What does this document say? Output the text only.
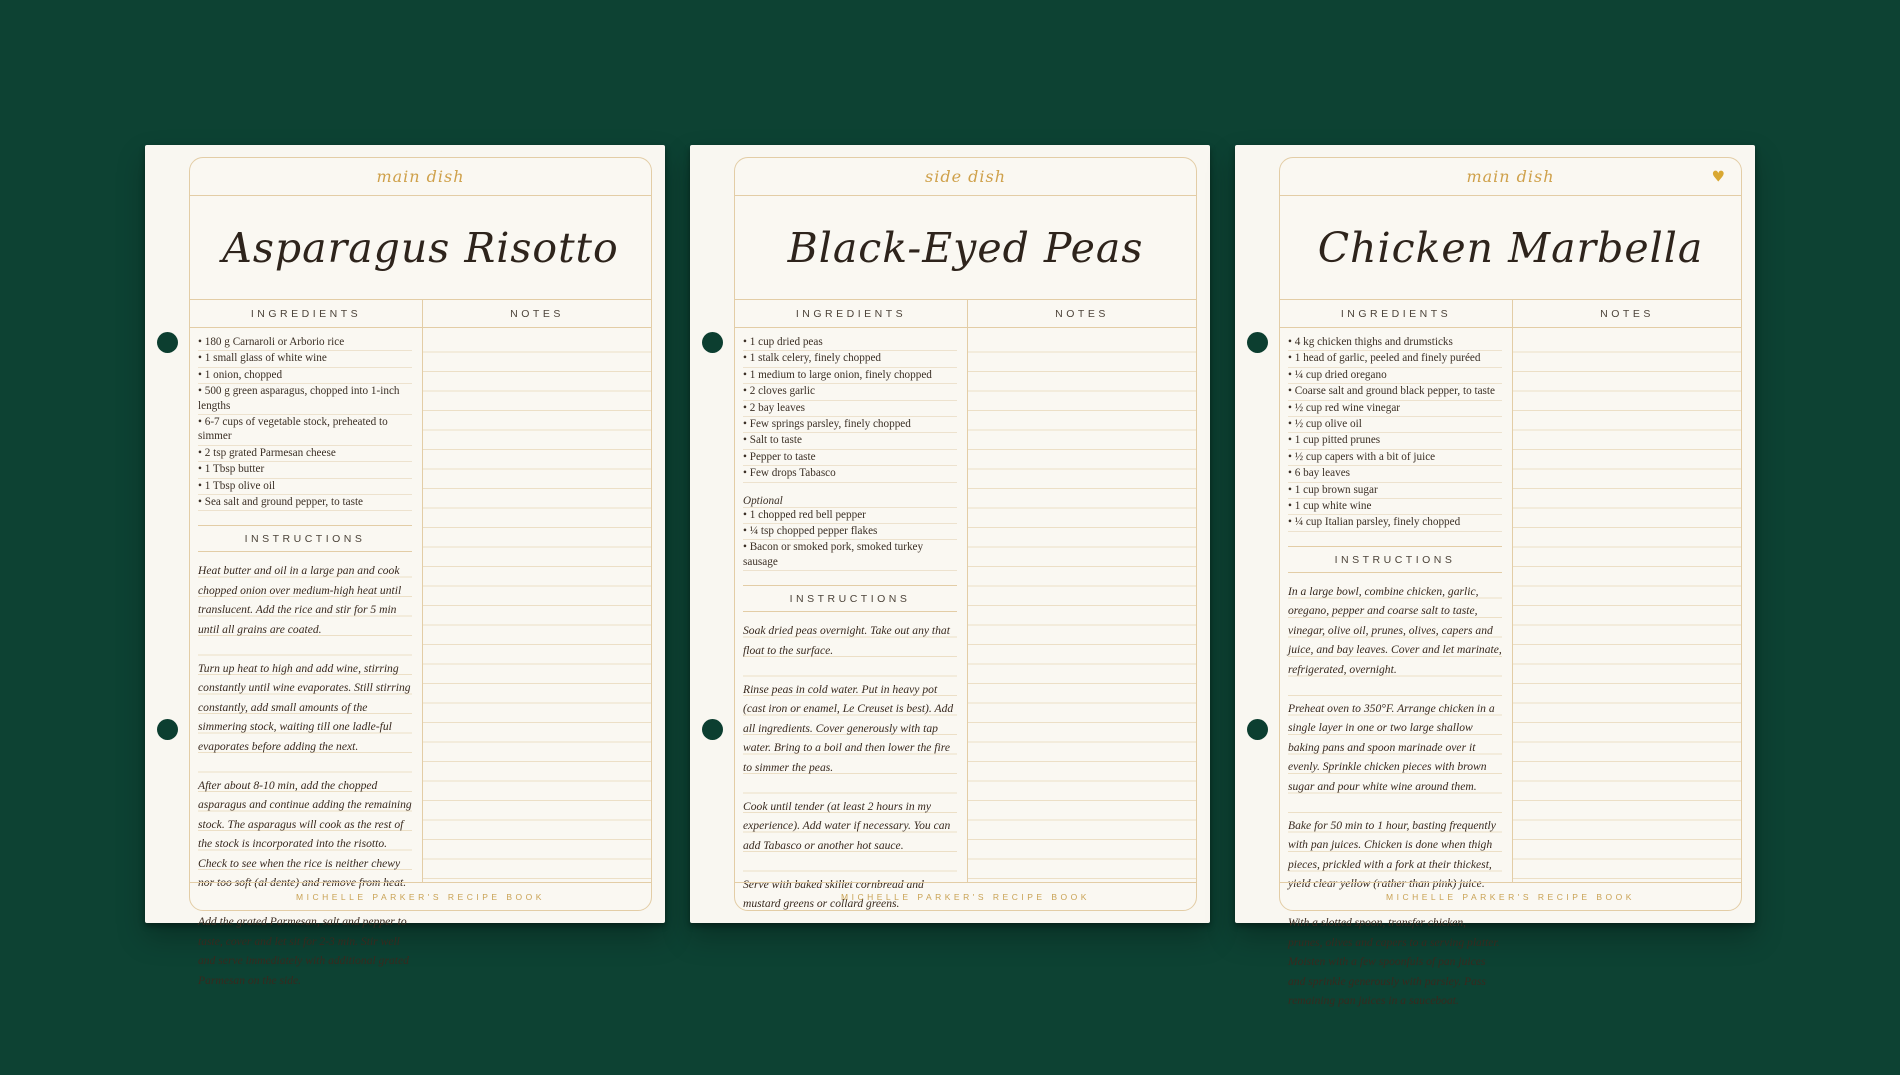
main dish
Asparagus Risotto
INGREDIENTS	NOTES
• 180 g Carnaroli or Arborio rice
• 1 small glass of white wine
• 1 onion, chopped
• 500 g green asparagus, chopped into 1-inch lengths
• 6-7 cups of vegetable stock, preheated to simmer
• 2 tsp grated Parmesan cheese
• 1 Tbsp butter
• 1 Tbsp olive oil
• Sea salt and ground pepper, to taste
INSTRUCTIONS

Heat butter and oil in a large pan and cook chopped onion over medium-high heat until translucent. Add the rice and stir for 5 min until all grains are coated.

Turn up heat to high and add wine, stirring constantly until wine evaporates. Still stirring constantly, add small amounts of the simmering stock, waiting till one ladle-ful evaporates before adding the next.

After about 8-10 min, add the chopped asparagus and continue adding the remaining stock. The asparagus will cook as the rest of the stock is incorporated into the risotto. Check to see when the rice is neither chewy nor too soft (al dente) and remove from heat.

Add the grated Parmesan, salt and pepper to taste, cover and let sit for 2-3 min. Stir well and serve immediately with additional grated Parmesan on the side.

MICHELLE PARKER'S RECIPE BOOK
side dish
Black-Eyed Peas
INGREDIENTS	NOTES
• 1 cup dried peas
• 1 stalk celery, finely chopped
• 1 medium to large onion, finely chopped
• 2 cloves garlic
• 2 bay leaves
• Few springs parsley, finely chopped
• Salt to taste
• Pepper to taste
• Few drops Tabasco
Optional
• 1 chopped red bell pepper
• ¼ tsp chopped pepper flakes
• Bacon or smoked pork, smoked turkey sausage
INSTRUCTIONS

Soak dried peas overnight. Take out any that float to the surface.

Rinse peas in cold water. Put in heavy pot (cast iron or enamel, Le Creuset is best). Add all ingredients. Cover generously with tap water. Bring to a boil and then lower the fire to simmer the peas.

Cook until tender (at least 2 hours in my experience). Add water if necessary. You can add Tabasco or another hot sauce.

Serve with baked skillet cornbread and mustard greens or collard greens.

MICHELLE PARKER'S RECIPE BOOK
main dish	♥
Chicken Marbella
INGREDIENTS	NOTES
• 4 kg chicken thighs and drumsticks
• 1 head of garlic, peeled and finely puréed
• ¼ cup dried oregano
• Coarse salt and ground black pepper, to taste
• ½ cup red wine vinegar
• ½ cup olive oil
• 1 cup pitted prunes
• ½ cup capers with a bit of juice
• 6 bay leaves
• 1 cup brown sugar
• 1 cup white wine
• ¼ cup Italian parsley, finely chopped
INSTRUCTIONS

In a large bowl, combine chicken, garlic, oregano, pepper and coarse salt to taste, vinegar, olive oil, prunes, olives, capers and juice, and bay leaves. Cover and let marinate, refrigerated, overnight.

Preheat oven to 350°F. Arrange chicken in a single layer in one or two large shallow baking pans and spoon marinade over it evenly. Sprinkle chicken pieces with brown sugar and pour white wine around them.

Bake for 50 min to 1 hour, basting frequently with pan juices. Chicken is done when thigh pieces, prickled with a fork at their thickest, yield clear yellow (rather than pink) juice.

With a slotted spoon, transfer chicken, prunes, olives and capers to a serving platter. Moisten with a few spoonfuls of pan juices and sprinkle generously with parsley. Pass remaining pan juices in a sauceboat.

MICHELLE PARKER'S RECIPE BOOK
